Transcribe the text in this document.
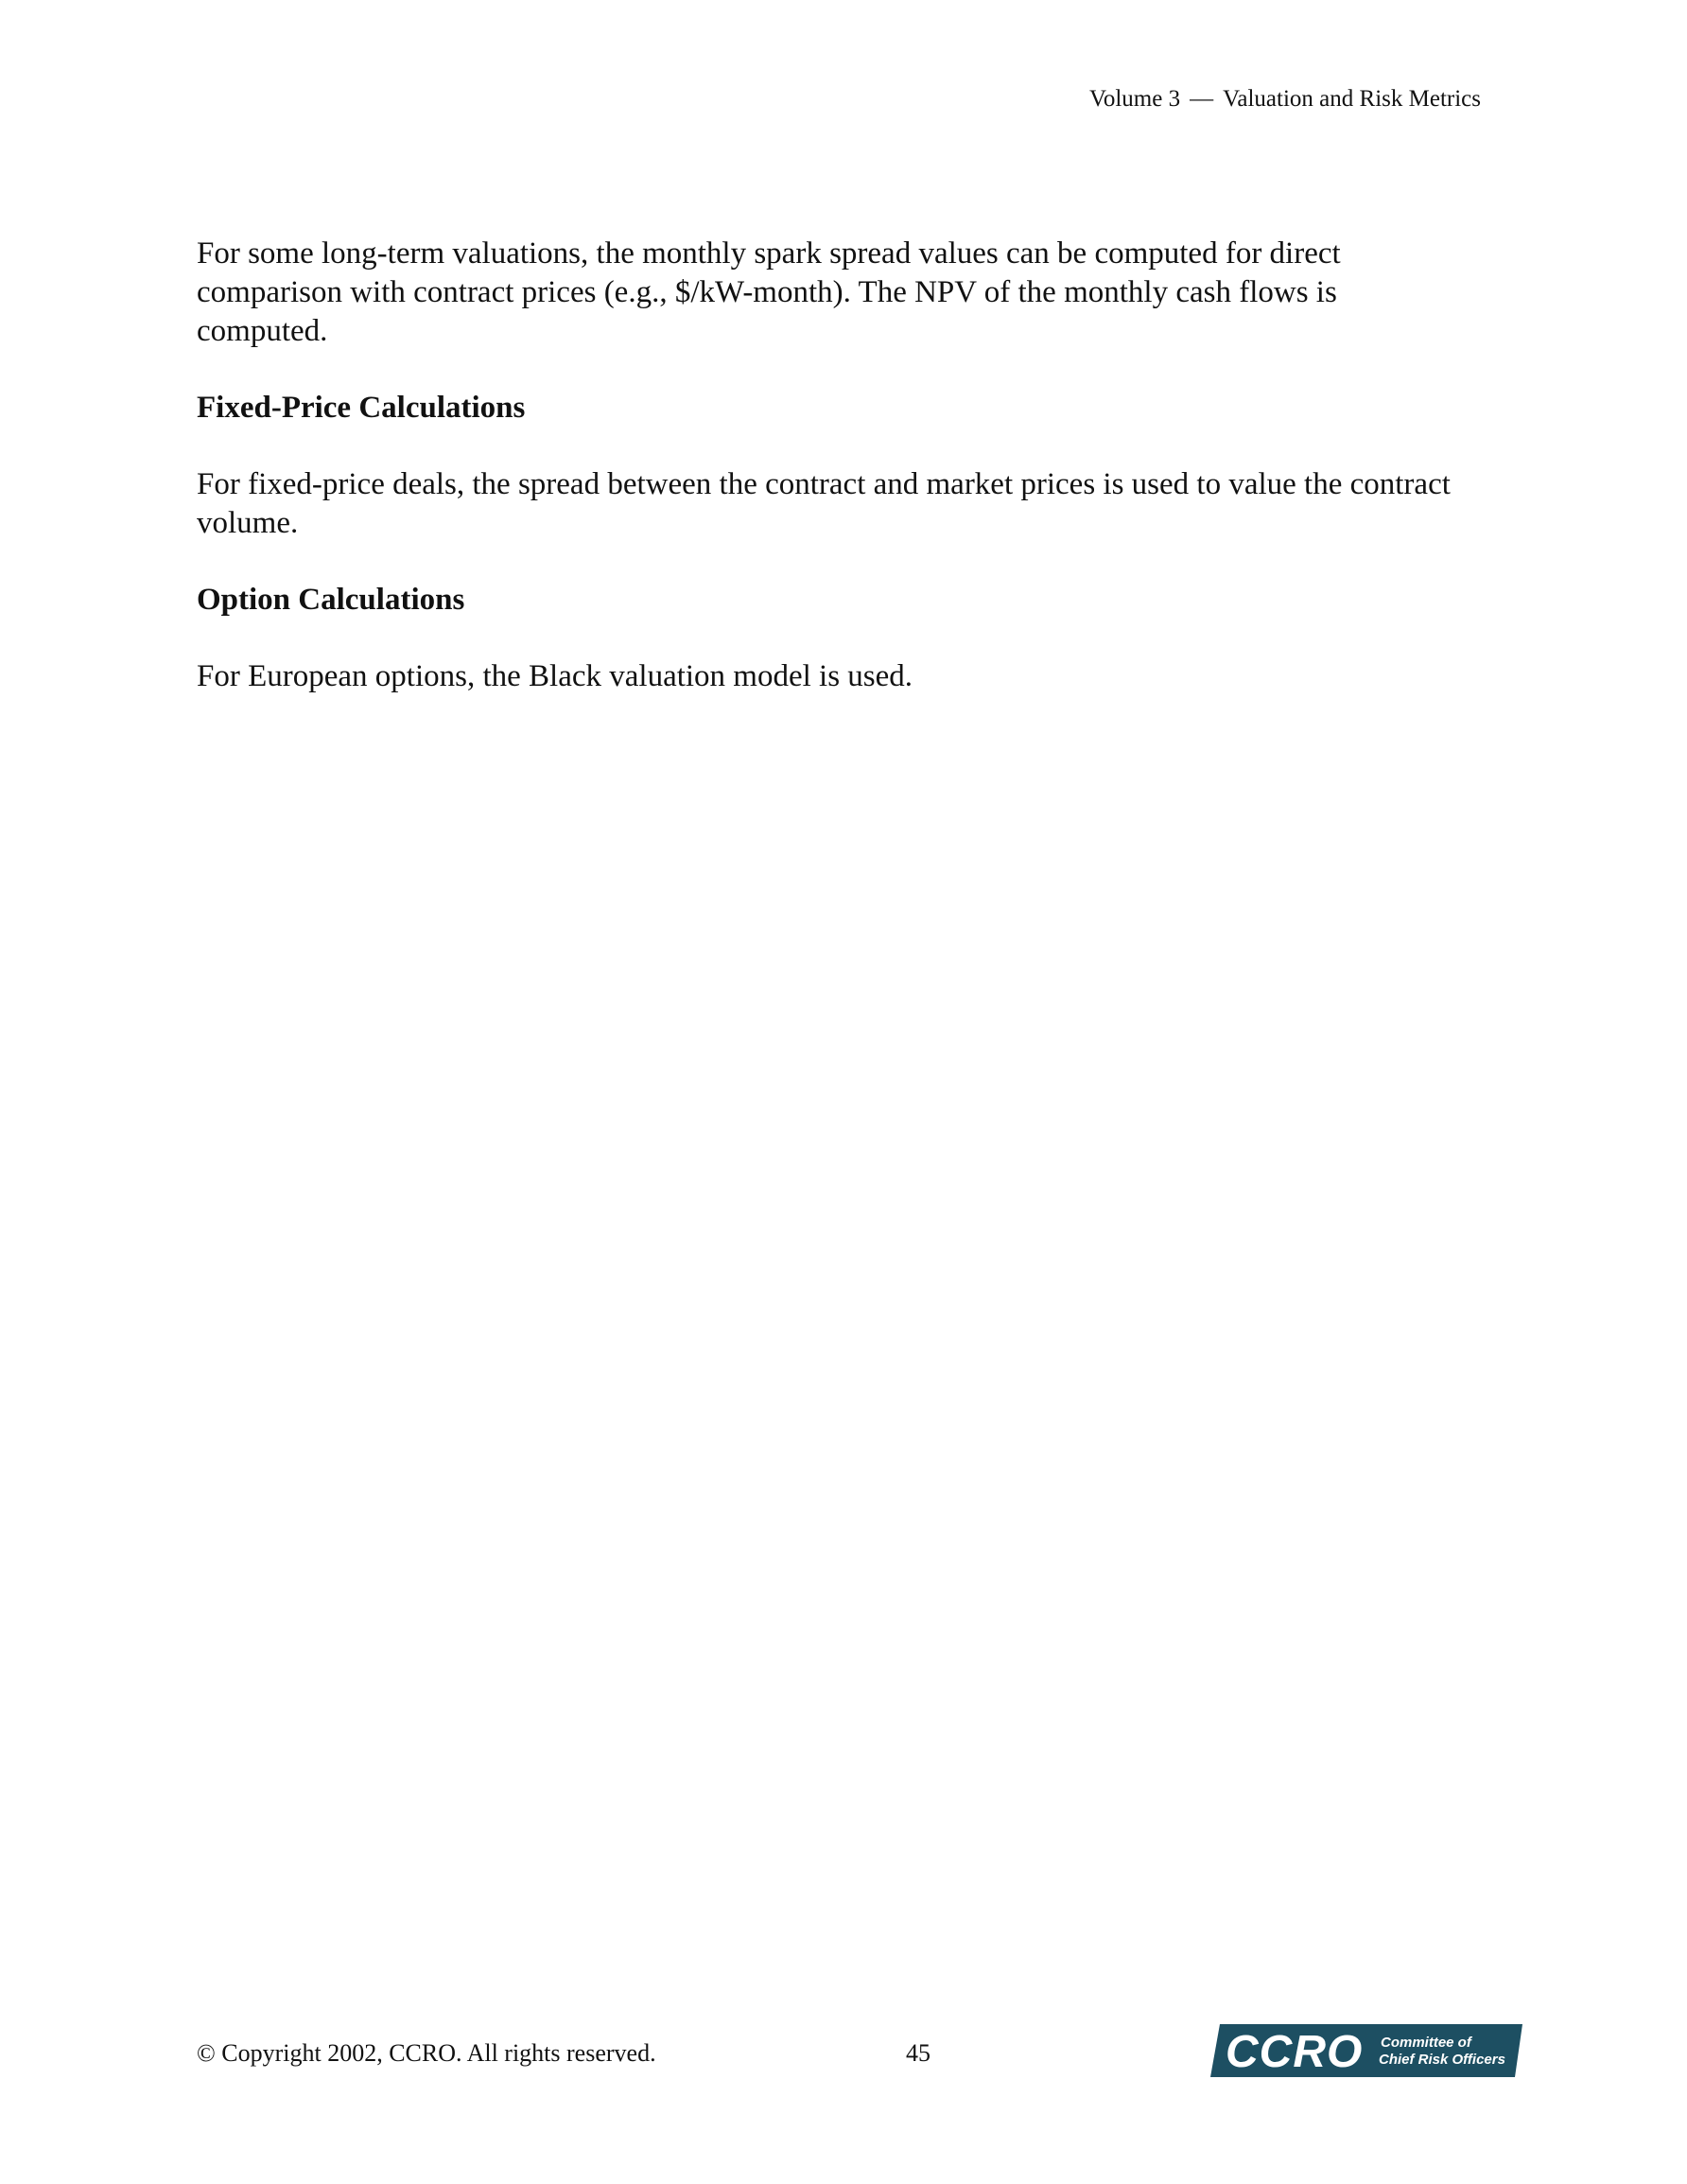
Volume 3 — Valuation and Risk Metrics

For some long-term valuations, the monthly spark spread values can be computed for direct comparison with contract prices (e.g., $/kW-month). The NPV of the monthly cash flows is computed.

Fixed-Price Calculations

For fixed-price deals, the spread between the contract and market prices is used to value the contract volume.

Option Calculations

For European options, the Black valuation model is used.

© Copyright 2002, CCRO. All rights reserved.	45	CCRO Committee of
Chief Risk Officers
